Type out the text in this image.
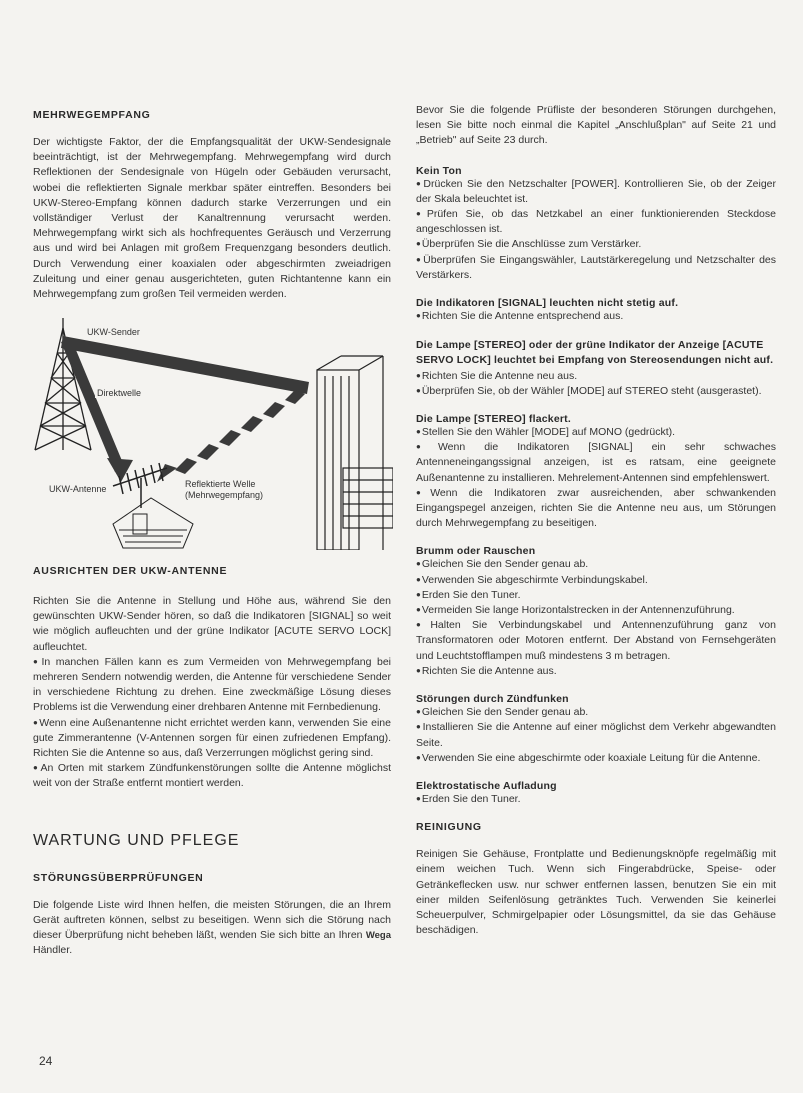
MEHRWEGEMPFANG

Der wichtigste Faktor, der die Empfangsqualität der UKW-Sendesignale beeinträchtigt, ist der Mehrwegempfang. Mehrwegempfang wird durch Reflektionen der Sendesignale von Hügeln oder Gebäuden verursacht, wobei die reflektierten Signale merkbar später eintreffen. Besonders bei UKW-Stereo-Empfang können dadurch starke Verzerrungen und ein vollständiger Verlust der Kanaltrennung verursacht werden. Mehrwegempfang wirkt sich als hochfrequentes Geräusch und Verzerrung aus und wird bei Anlagen mit großem Frequenzgang besonders deutlich. Durch Verwendung einer koaxialen oder abgeschirmten zweiadrigen Zuleitung und einer genau ausgerichteten, guten Richtantenne kann ein Mehrwegempfang zum großen Teil vermeiden werden.

UKW-Sender
Direktwelle
UKW-Antenne	Reflektierte Welle
(Mehrwegempfang)
AUSRICHTEN DER UKW-ANTENNE

Richten Sie die Antenne in Stellung und Höhe aus, während Sie den gewünschten UKW-Sender hören, so daß die Indikatoren [SIGNAL] so weit wie möglich aufleuchten und der grüne Indikator [ACUTE SERVO LOCK] aufleuchtet.

● In manchen Fällen kann es zum Vermeiden von Mehrwegempfang bei mehreren Sendern notwendig werden, die Antenne für verschiedene Sender in verschiedene Richtung zu drehen. Eine zweckmäßige Lösung dieses Problems ist die Verwendung einer drehbaren Antenne mit Fernbedienung.

● Wenn eine Außenantenne nicht errichtet werden kann, verwenden Sie eine gute Zimmerantenne (V-Antennen sorgen für einen zufriedenen Empfang). Richten Sie die Antenne so aus, daß Verzerrungen möglichst gering sind.

● An Orten mit starkem Zündfunkenstörungen sollte die Antenne möglichst weit von der Straße entfernt montiert werden.

WARTUNG UND PFLEGE
STÖRUNGSÜBERPRÜFUNGEN

Die folgende Liste wird Ihnen helfen, die meisten Störungen, die an Ihrem Gerät auftreten können, selbst zu beseitigen. Wenn sich die Störung nach dieser Überprüfung nicht beheben läßt, wenden Sie sich bitte an Ihren Wega Händler.

24

Bevor Sie die folgende Prüfliste der besonderen Störungen durchgehen, lesen Sie bitte noch einmal die Kapitel „Anschlußplan" auf Seite 21 und „Betrieb" auf Seite 23 durch.

Kein Ton

● Drücken Sie den Netzschalter [POWER]. Kontrollieren Sie, ob der Zeiger der Skala beleuchtet ist.

● Prüfen Sie, ob das Netzkabel an einer funktionierenden Steckdose angeschlossen ist.

● Überprüfen Sie die Anschlüsse zum Verstärker.

● Überprüfen Sie Eingangswähler, Lautstärkeregelung und Netzschalter des Verstärkers.

Die Indikatoren [SIGNAL] leuchten nicht stetig auf.

● Richten Sie die Antenne entsprechend aus.

Die Lampe [STEREO] oder der grüne Indikator der Anzeige [ACUTE SERVO LOCK] leuchtet bei Empfang von Stereosendungen nicht auf.

● Richten Sie die Antenne neu aus.

● Überprüfen Sie, ob der Wähler [MODE] auf STEREO steht (ausgerastet).

Die Lampe [STEREO] flackert.

● Stellen Sie den Wähler [MODE] auf MONO (gedrückt).

● Wenn die Indikatoren [SIGNAL] ein sehr schwaches Antenneneingangssignal anzeigen, ist es ratsam, eine geeignete Außenantenne zu installieren. Mehrelement-Antennen sind empfehlenswert.

● Wenn die Indikatoren zwar ausreichenden, aber schwankenden Eingangspegel anzeigen, richten Sie die Antenne neu aus, um Störungen durch Mehrwegempfang zu beseitigen.

Brumm oder Rauschen

● Gleichen Sie den Sender genau ab.

● Verwenden Sie abgeschirmte Verbindungskabel.

● Erden Sie den Tuner.

● Vermeiden Sie lange Horizontalstrecken in der Antennenzuführung.

● Halten Sie Verbindungskabel und Antennenzuführung ganz von Transformatoren oder Motoren entfernt. Der Abstand von Fernsehgeräten und Leuchtstofflampen muß mindestens 3 m betragen.

● Richten Sie die Antenne aus.

Störungen durch Zündfunken

● Gleichen Sie den Sender genau ab.

● Installieren Sie die Antenne auf einer möglichst dem Verkehr abgewandten Seite.

● Verwenden Sie eine abgeschirmte oder koaxiale Leitung für die Antenne.

Elektrostatische Aufladung

● Erden Sie den Tuner.

REINIGUNG

Reinigen Sie Gehäuse, Frontplatte und Bedienungsknöpfe regelmäßig mit einem weichen Tuch. Wenn sich Fingerabdrücke, Speise- oder Getränkeflecken usw. nur schwer entfernen lassen, benutzen Sie ein mit einer milden Seifenlösung getränktes Tuch. Verwenden Sie keinerlei Scheuerpulver, Schmirgelpapier oder Lösungsmittel, da sie das Gehäuse beschädigen.
